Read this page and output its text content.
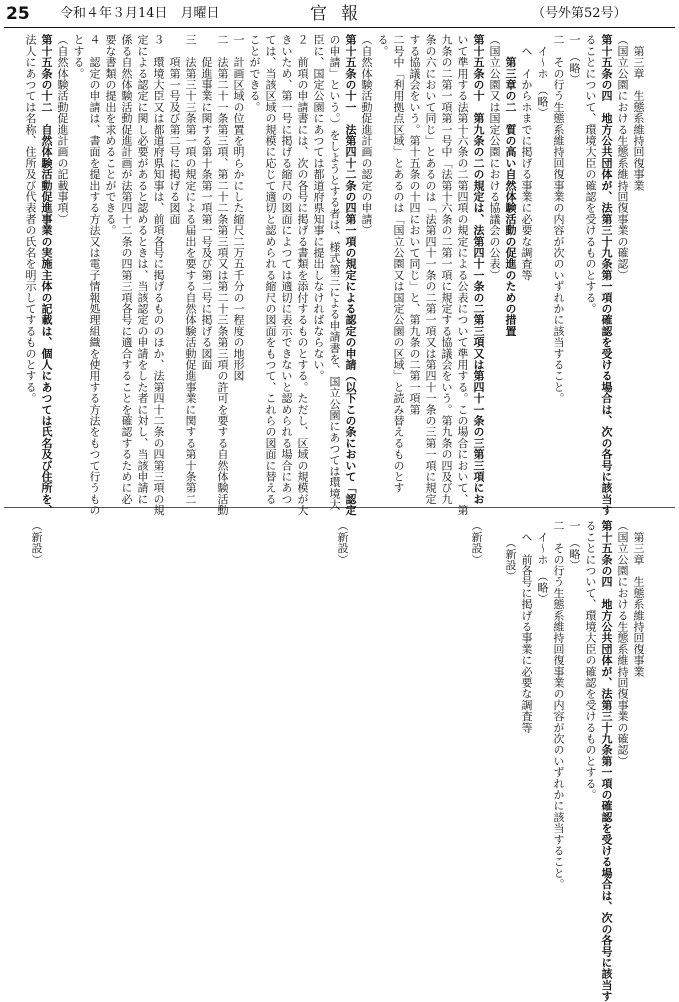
25 令和４年３月14日　月曜日	官報	（号外第52号）
　第三章　生態系維持回復事業
（国立公園における生態系維持回復事業の確認）
第十五条の四　地方公共団体が、法第三十九条第一項の確認を受ける場合は、次の各号に該当す
ることについて、環境大臣の確認を受けるものとする。
一　（略）
二　その行う生態系維持回復事業の内容が次のいずれかに該当すること。
　イ〜ホ　（略）
　ヘ　イからホまでに掲げる事業に必要な調査等
　　第三章の二　質の高い自然体験活動の促進のための措置
（国立公園又は国定公園における協議会の公表）
第十五条の十　第九条の二の規定は、法第四十一条の二第三項又は第四十一条の三第三項にお
いて準用する法第十六条の二第四項の規定による公表について準用する。この場合において、第
九条の二第一項第一号中「法第十六条の二第一項に規定する協議会をいう。第九条の四及び九
条の六において同じ」とあるのは「法第四十一条の二第一項又は第四十一条の三第一項に規定
する協議会をいう。第十五条の十四において同じ」と、第九条の二第一項第
二号中「利用拠点区域」とあるのは「国立公園又は国定公園の区域」と読み替えるものとす
る。
（自然体験活動促進計画の認定の申請）
第十五条の十一　法第四十二条の四第一項の規定による認定の申請（以下この条において「認定
の申請」という。）をしようとする者は、様式第三による申請書を、国立公園にあつては環境大
臣に、国定公園にあつては都道府県知事に提出しなければならない。
２　前項の申請書には、次の各号に掲げる書類を添付するものとする。ただし、区域の規模が大
きいため、第一号に掲げる縮尺の図面によつては適切に表示できないと認められる場合にあつ
ては、当該区域の規模に応じて適切と認められる縮尺の図面をもつて、これらの図面に替える
ことができる。
一　計画区域の位置を明らかにした縮尺二万五千分の一程度の地形図
二　法第二十一条第三項、第二十二条第三項又は第二十三条第三項の許可を要する自然体験活動
　　促進事業に関する第十条第一項第一号及び第二号に掲げる図面
三　法第三十三条第一項の規定による届出を要する自然体験活動促進事業に関する第十条第二
　　項第一号及び第二号に掲げる図面
３　環境大臣又は都道府県知事は、前項各号に掲げるもののほか、法第四十二条の四第三項の規
定による認定に関し必要があると認めるときは、当該認定の申請をした者に対し、当該申請に
係る自然体験活動促進計画が法第四十二条の四第三項各号に適合することを確認するために必
要な書類の提出を求めることができる。
４　認定の申請は、書面を提出する方法又は電子情報処理組織を使用する方法をもつて行うもの
とする。
（自然体験活動促進計画の記載事項）
第十五条の十二　自然体験活動促進事業の実施主体の記載は、個人にあつては氏名及び住所を、
法人にあつては名称、住所及び代表者の氏名を明示してするものとする。
（新設）
（新設）
（新設）	　第三章　生態系維持回復事業
（国立公園における生態系維持回復事業の確認）
第十五条の四　地方公共団体が、法第三十九条第一項の確認を受ける場合は、次の各号に該当す
ることについて、環境大臣の確認を受けるものとする。
一　（略）
二　その行う生態系維持回復事業の内容が次のいずれかに該当すること。
　イ〜ホ　（略）
　ヘ　前各号に掲げる事業に必要な調査等
　　（新設）
